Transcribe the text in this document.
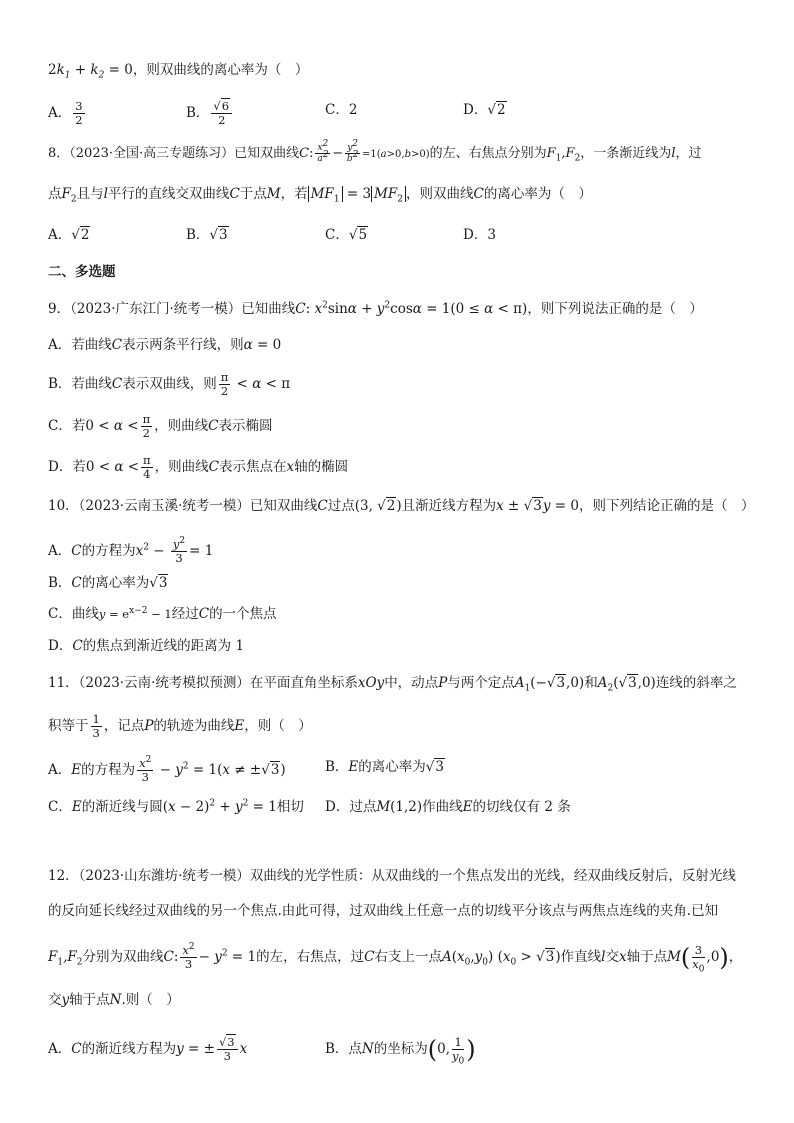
$2k_1 + k_2 = 0$，则双曲线的离心率为（　）
A． $\frac{3}{2}$	B． $\frac{√6}{2}$	C．2	D．√2
8．（2023·全国·高三专题练习）已知双曲线C: $\frac{x^2}{a^2} - \frac{y^2}{b^2} =1(a>0,b>0)$的左、右焦点分别为$F_1,F_2$，一条渐近线为l，过
点$F_2$且与l平行的直线交双曲线C于点M，若 $MF_1 = 3$ $MF_2$ ，则双曲线C的离心率为（　）
A．√2	B．√3	C．√5	D．3
二、多选题
9．（2023·广东江门·统考一模）已知曲线C: $x^2\sin\alpha + y^2\cos\alpha = 1(0 \le \alpha < \pi)$，则下列说法正确的是（　）
A．若曲线C表示两条平行线，则α = 0
B．若曲线C表示双曲线，则 $\frac{\pi}{2} < \alpha < \pi$
C．若$0 < \alpha < \frac{\pi}{2}$ ，则曲线C表示椭圆
D．若$0 < \alpha < \frac{\pi}{4}$ ，则曲线C表示焦点在x轴的椭圆
10．（2023·云南玉溪·统考一模）已知双曲线C过点(3, √2)且渐近线方程为x ± √3y = 0，则下列结论正确的是（　）
A．C的方程为$x^2 - \frac{y^2}{3} = 1$
B．C的离心率为√3
C．曲线$y = e^{x-2} - 1$经过C的一个焦点
D．C的焦点到渐近线的距离为 1
11．（2023·云南·统考模拟预测）在平面直角坐标系xOy中，动点P与两个定点$A_1(-√3,0)$和$A_2(√3,0)$连线的斜率之
积等于 $\frac{1}{3}$ ，记点P的轨迹为曲线E，则（　）
A．E的方程为 $\frac{x^2}{3} - y^2 = 1(x \ne \pm√3)$	B．E的离心率为√3
C．E的渐近线与圆$(x - 2)^2 + y^2 = 1$相切 D．过点M(1,2)作曲线E的切线仅有 2 条
12．（2023·山东潍坊·统考一模）双曲线的光学性质：从双曲线的一个焦点发出的光线，经双曲线反射后，反射光线
的反向延长线经过双曲线的另一个焦点.由此可得，过双曲线上任意一点的切线平分该点与两焦点连线的夹角.已知
$F_1,F_2$分别为双曲线C: $\frac{x^2}{3} - y^2 = 1$的左，右焦点，过C右支上一点$A(x_0,y_0) (x_0 > √3)$作直线l交x轴于点$M( \frac{3}{x_0} ,0)$，
交y轴于点N.则（　）
A．C的渐近线方程为y = ± $\frac{√3}{3}$ x	B．点N的坐标为(0, $\frac{1}{y_0}$ )
